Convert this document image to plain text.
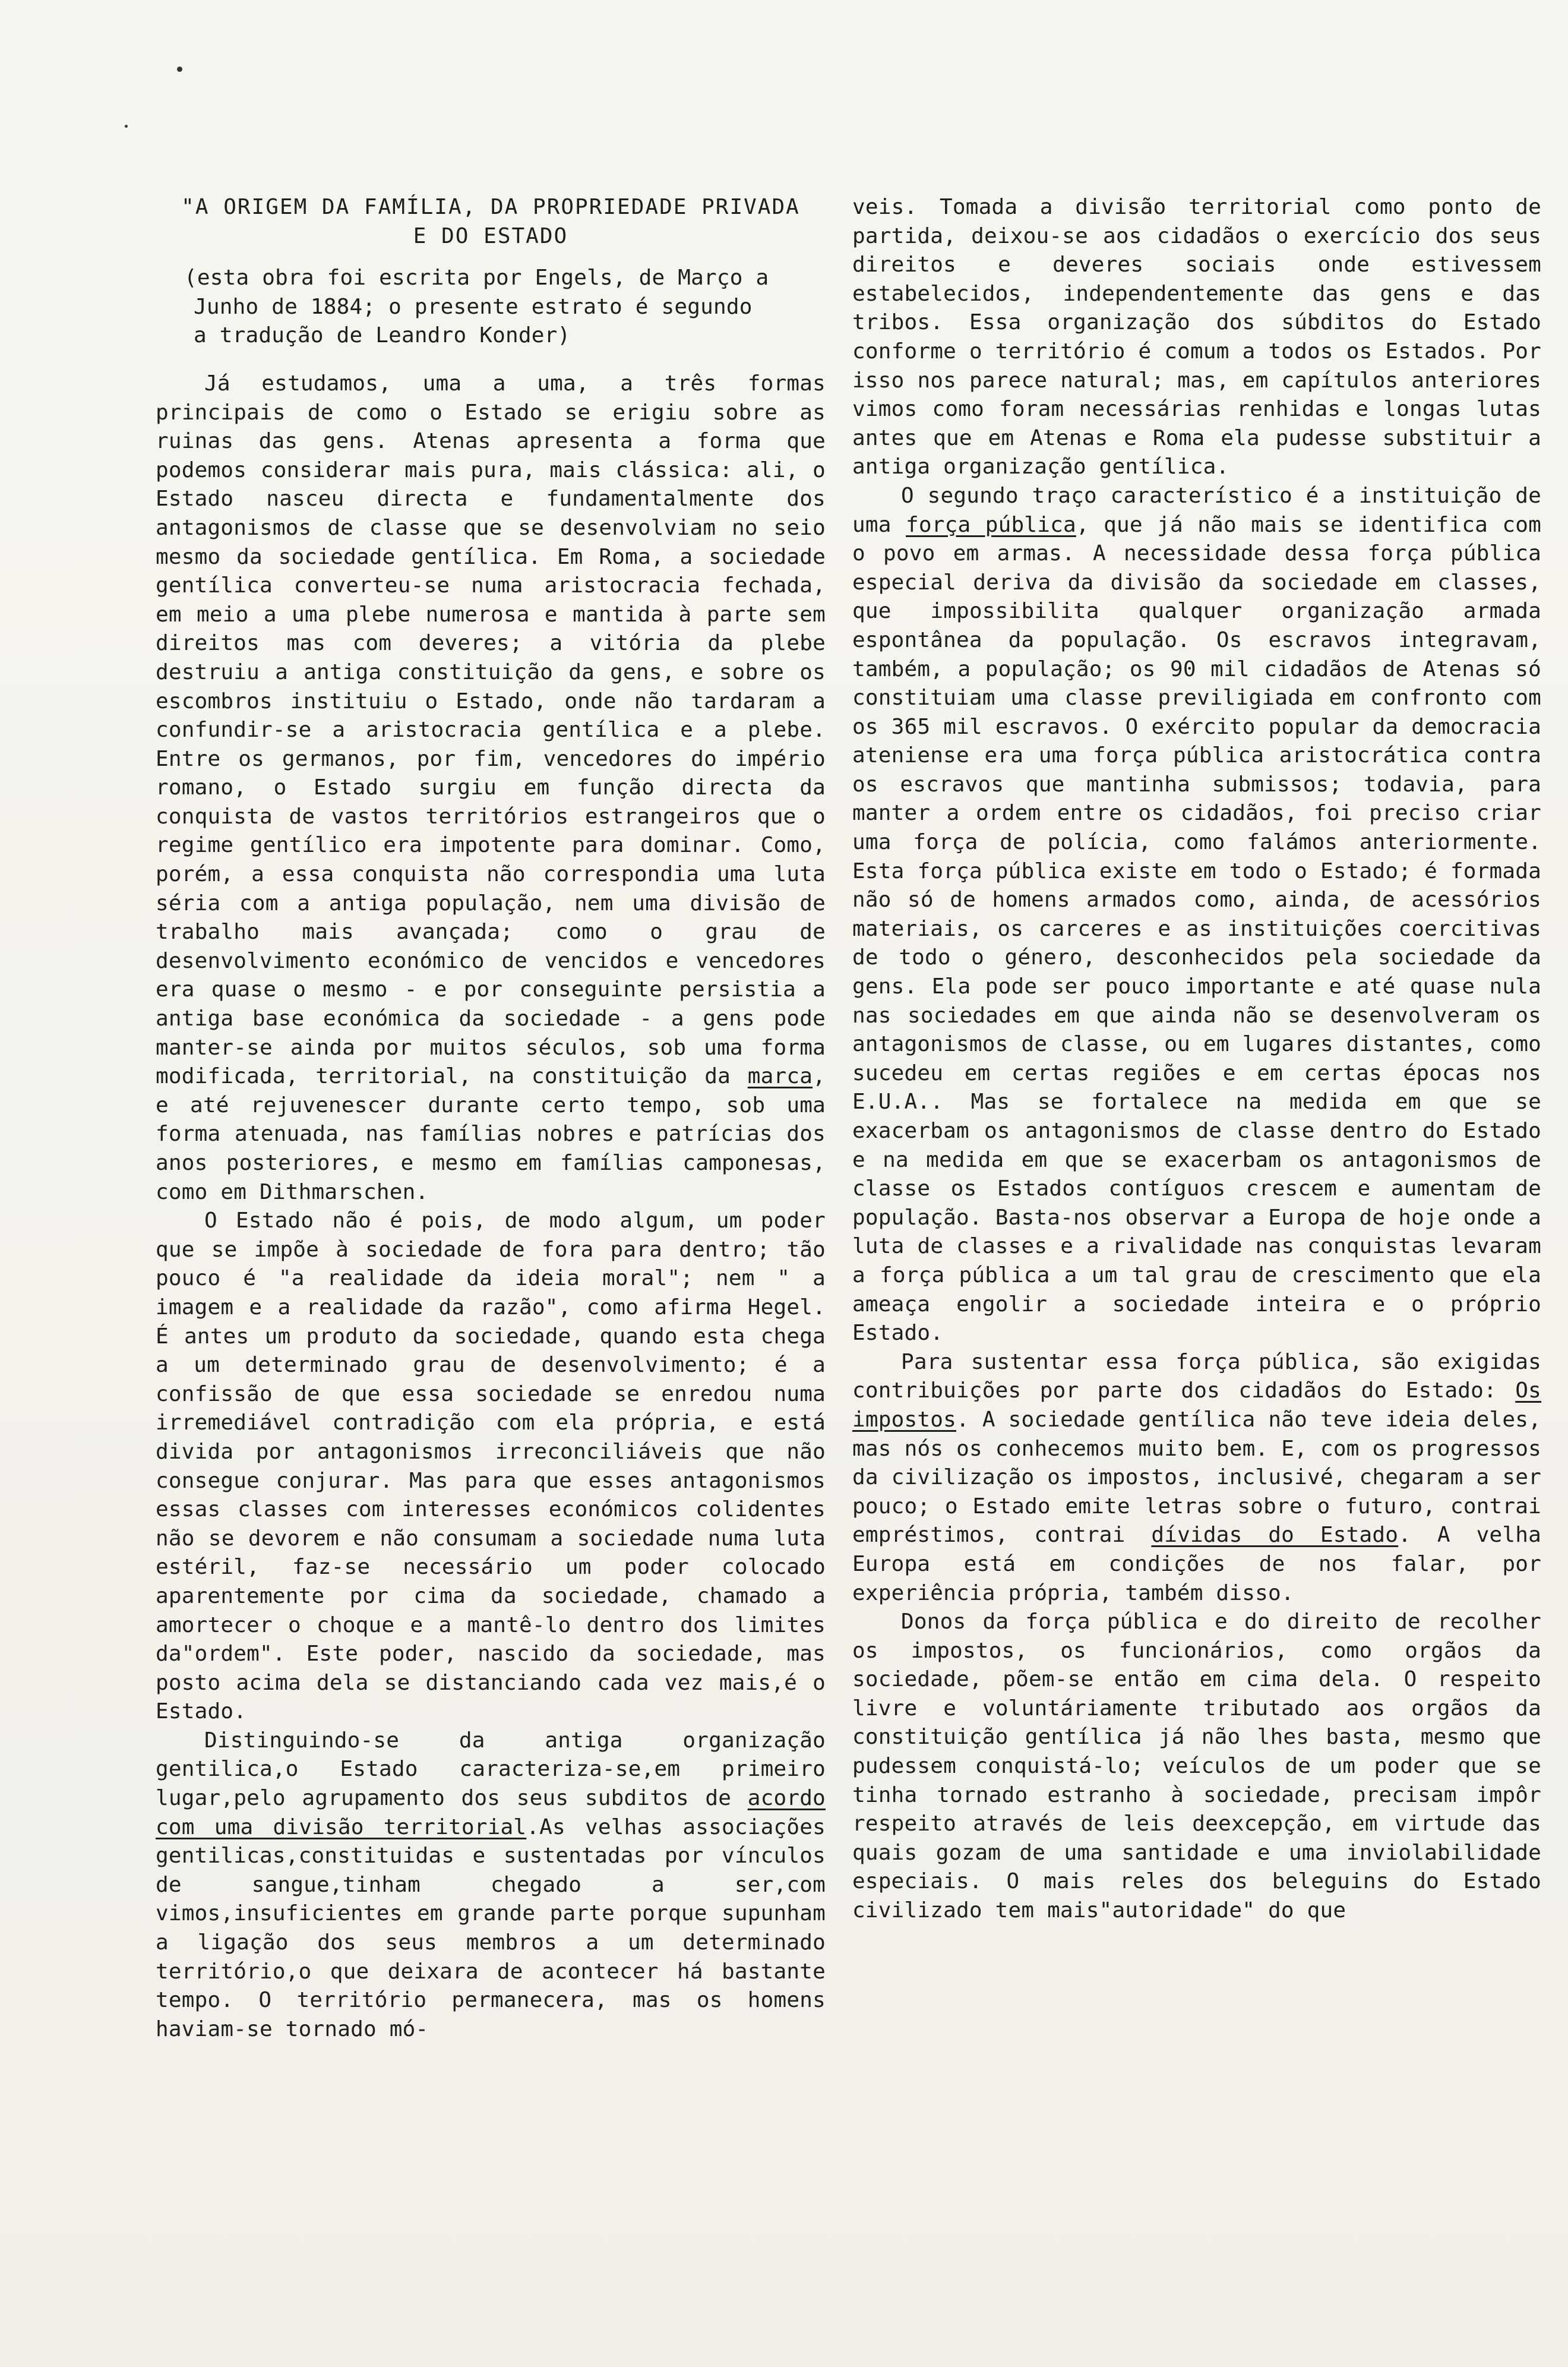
"A ORIGEM DA FAMÍLIA, DA PROPRIEDADE PRIVADA
E DO ESTADO
(esta obra foi escrita por Engels, de Março a
Junho de 1884; o presente estrato é segundo
a tradução de Leandro Konder)

Já estudamos, uma a uma, a três formas principais de como o Estado se erigiu sobre as ruinas das gens. Atenas apresenta a forma que podemos considerar mais pura, mais clássica: ali, o Estado nasceu directa e fundamentalmente dos antagonismos de classe que se desenvolviam no seio mesmo da sociedade gentílica. Em Roma, a sociedade gentílica converteu-se numa aristocracia fechada, em meio a uma plebe numerosa e mantida à parte sem direitos mas com deveres; a vitória da plebe destruiu a antiga constituição da gens, e sobre os escombros instituiu o Estado, onde não tardaram a confundir-se a aristocracia gentílica e a plebe. Entre os germanos, por fim, vencedores do império romano, o Estado surgiu em função directa da conquista de vastos territórios estrangeiros que o regime gentílico era impotente para dominar. Como, porém, a essa conquista não correspondia uma luta séria com a antiga população, nem uma divisão de trabalho mais avançada; como o grau de desenvolvimento económico de vencidos e vencedores era quase o mesmo - e por conseguinte persistia a antiga base económica da sociedade - a gens pode manter-se ainda por muitos séculos, sob uma forma modificada, territorial, na constituição da marca, e até rejuvenescer durante certo tempo, sob uma forma atenuada, nas famílias nobres e patrícias dos anos posteriores, e mesmo em famílias camponesas, como em Dithmarschen.

O Estado não é pois, de modo algum, um poder que se impõe à sociedade de fora para dentro; tão pouco é "a realidade da ideia moral"; nem " a imagem e a realidade da razão", como afirma Hegel. É antes um produto da sociedade, quando esta chega a um determinado grau de desenvolvimento; é a confissão de que essa sociedade se enredou numa irremediável contradição com ela própria, e está divida por antagonismos irreconciliáveis que não consegue conjurar. Mas para que esses antagonismos essas classes com interesses económicos colidentes não se devorem e não consumam a sociedade numa luta estéril, faz-se necessário um poder colocado aparentemente por cima da sociedade, chamado a amortecer o choque e a mantê-lo dentro dos limites da"ordem". Este poder, nascido da sociedade, mas posto acima dela se distanciando cada vez mais,é o Estado.

Distinguindo-se da antiga organização gentilica,o Estado caracteriza-se,em primeiro lugar,pelo agrupamento dos seus subditos de acordo com uma divisão territorial.As velhas associações gentilicas,constituidas e sustentadas por vínculos de sangue,tinham chegado a ser,com vimos,insuficientes em grande parte porque supunham a ligação dos seus membros a um determinado território,o que deixara de acontecer há bastante tempo. O território permanecera, mas os homens haviam-se tornado mó-

veis. Tomada a divisão territorial como ponto de partida, deixou-se aos cidadãos o exercício dos seus direitos e deveres sociais onde estivessem estabelecidos, independentemente das gens e das tribos. Essa organização dos súbditos do Estado conforme o território é comum a todos os Estados. Por isso nos parece natural; mas, em capítulos anteriores vimos como foram necessárias renhidas e longas lutas antes que em Atenas e Roma ela pudesse substituir a antiga organização gentílica.

O segundo traço característico é a instituição de uma força pública, que já não mais se identifica com o povo em armas. A necessidade dessa força pública especial deriva da divisão da sociedade em classes, que impossibilita qualquer organização armada espontânea da população. Os escravos integravam, também, a população; os 90 mil cidadãos de Atenas só constituiam uma classe previligiada em confronto com os 365 mil escravos. O exército popular da democracia ateniense era uma força pública aristocrática contra os escravos que mantinha submissos; todavia, para manter a ordem entre os cidadãos, foi preciso criar uma força de polícia, como falámos anteriormente. Esta força pública existe em todo o Estado; é formada não só de homens armados como, ainda, de acessórios materiais, os carceres e as instituições coercitivas de todo o género, desconhecidos pela sociedade da gens. Ela pode ser pouco importante e até quase nula nas sociedades em que ainda não se desenvolveram os antagonismos de classe, ou em lugares distantes, como sucedeu em certas regiões e em certas épocas nos E.U.A.. Mas se fortalece na medida em que se exacerbam os antagonismos de classe dentro do Estado e na medida em que se exacerbam os antagonismos de classe os Estados contíguos crescem e aumentam de população. Basta-nos observar a Europa de hoje onde a luta de classes e a rivalidade nas conquistas levaram a força pública a um tal grau de crescimento que ela ameaça engolir a sociedade inteira e o próprio Estado.

Para sustentar essa força pública, são exigidas contribuições por parte dos cidadãos do Estado: Os impostos. A sociedade gentílica não teve ideia deles, mas nós os conhecemos muito bem. E, com os progressos da civilização os impostos, inclusivé, chegaram a ser pouco; o Estado emite letras sobre o futuro, contrai empréstimos, contrai dívidas do Estado. A velha Europa está em condições de nos falar, por experiência própria, também disso.

Donos da força pública e do direito de recolher os impostos, os funcionários, como orgãos da sociedade, põem-se então em cima dela. O respeito livre e voluntáriamente tributado aos orgãos da constituição gentílica já não lhes basta, mesmo que pudessem conquistá-lo; veículos de um poder que se tinha tornado estranho à sociedade, precisam impôr respeito através de leis deexcepção, em virtude das quais gozam de uma santidade e uma inviolabilidade especiais. O mais reles dos beleguins do Estado civilizado tem mais"autoridade" do que
